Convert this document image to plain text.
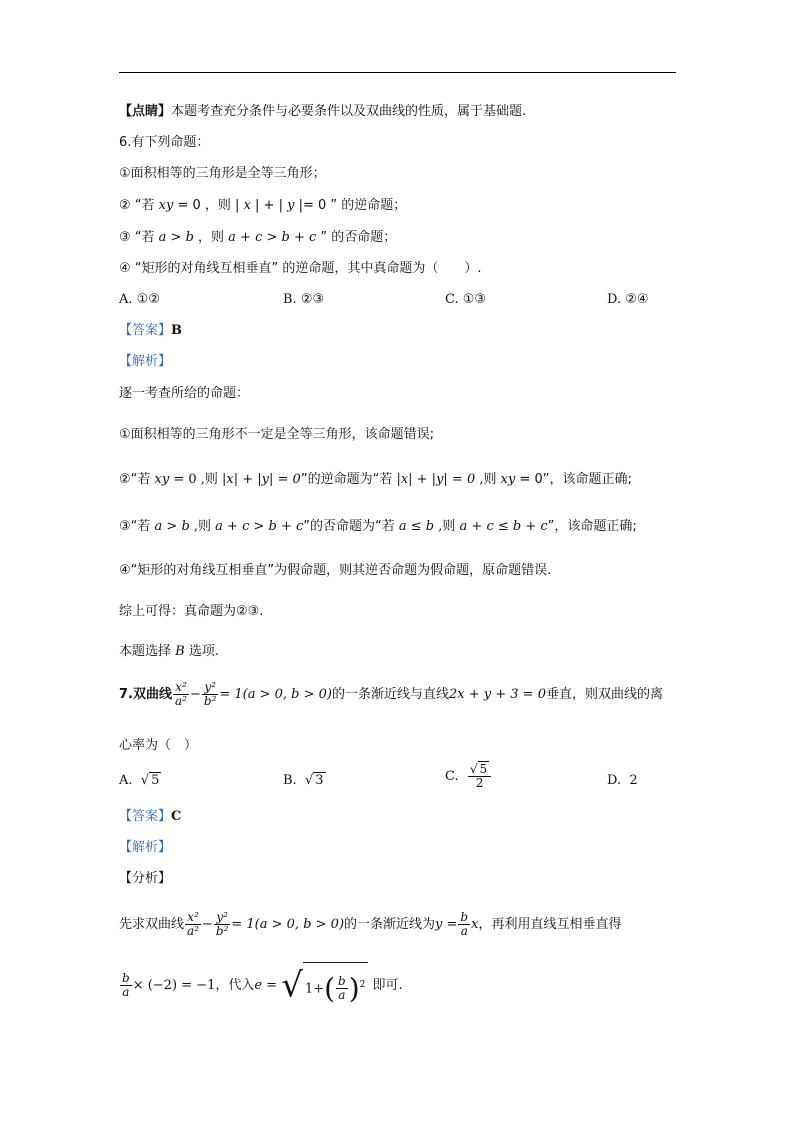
【点睛】本题考查充分条件与必要条件以及双曲线的性质，属于基础题.
6.有下列命题：
①面积相等的三角形是全等三角形；
② “若 xy = 0 ，则 | x | + | y |= 0 ” 的逆命题；
③ “若 a > b ，则 a + c > b + c ” 的否命题；
④ “矩形的对角线互相垂直” 的逆命题，其中真命题为（　　）.
A. ①②	B. ②③	C. ①③	D. ②④
【答案】B
【解析】
逐一考查所给的命题：
①面积相等的三角形不一定是全等三角形，该命题错误;
②“若 xy = 0 ,则 |x| + |y| = 0”的逆命题为“若 |x| + |y| = 0 ,则 xy = 0”，该命题正确;
③“若 a > b ,则 a + c > b + c”的否命题为“若 a ≤ b ,则 a + c ≤ b + c”，该命题正确;
④“矩形的对角线互相垂直”为假命题，则其逆否命题为假命题，原命题错误.
综上可得：真命题为②③.
本题选择 B 选项.
7.双曲线 $\frac{\text{x²}}{\text{a²}} - \frac{\text{y²}}{\text{b²}} = 1(a > 0$, b > 0)的一条渐近线与直线2x + y + 3 = 0垂直，则双曲线的离
心率为（　）
A. √ 5	B. √ 3	C. $\frac{√ 5}{2}$	D. 2
【答案】C
【解析】
【分析】
先求双曲线 $\frac{\text{x²}}{\text{a²}} - \frac{\text{y²}}{\text{b²}} = 1(a > 0$, b > 0)的一条渐近线为$y = \frac{b}{a}$ x，再利用直线互相垂直得
$\frac{b}{a} \times (-2) = -1$，代入e = √ $1+( \frac{b}{a} )^2$ 即可.
